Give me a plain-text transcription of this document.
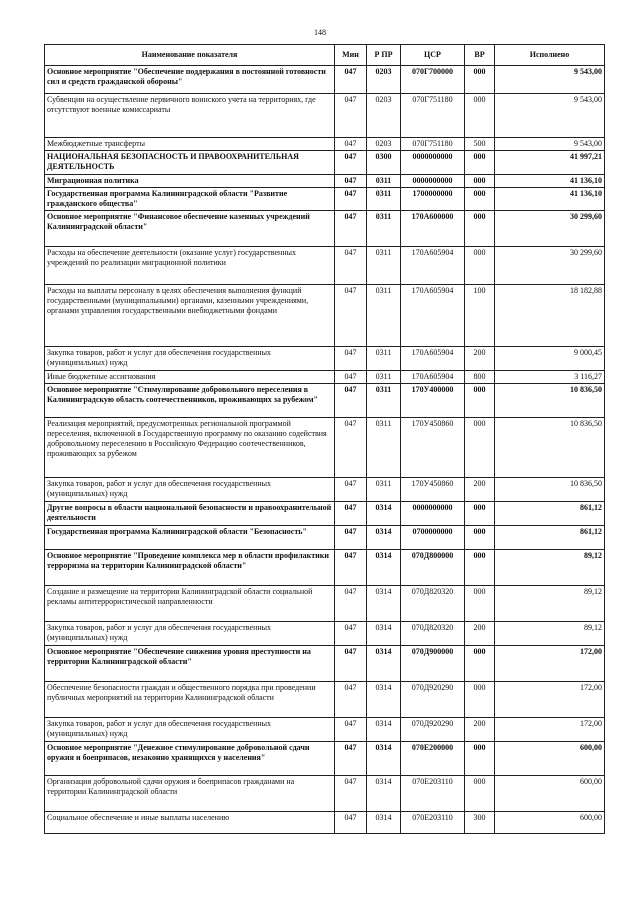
148
Наименование показателя	Мин	Р ПР	ЦСР	ВР	Исполнено
Основное мероприятие "Обеспечение поддержания в постоянной готовности сил и средств гражданской обороны"	047	0203	070Г700000	000	9 543,00
Субвенции на осуществление первичного воинского учета на территориях, где отсутствуют военные комиссариаты	047	0203	070Г751180	000	9 543,00
Межбюджетные трансферты	047	0203	070Г751180	500	9 543,00
НАЦИОНАЛЬНАЯ БЕЗОПАСНОСТЬ И ПРАВООХРАНИТЕЛЬНАЯ ДЕЯТЕЛЬНОСТЬ	047	0300	0000000000	000	41 997,21
Миграционная политика	047	0311	0000000000	000	41 136,10
Государственная программа Калининградской области "Развитие гражданского общества"	047	0311	1700000000	000	41 136,10
Основное мероприятие "Финансовое обеспечение казенных учреждений Калининградской области"	047	0311	170А600000	000	30 299,60
Расходы на обеспечение деятельности (оказание услуг) государственных учреждений по реализации миграционной политики	047	0311	170А605904	000	30 299,60
Расходы на выплаты персоналу в целях обеспечения выполнения функций государственными (муниципальными) органами, казенными учреждениями, органами управления государственными внебюджетными фондами	047	0311	170А605904	100	18 182,88
Закупка товаров, работ и услуг для обеспечения государственных (муниципальных) нужд	047	0311	170А605904	200	9 000,45
Иные бюджетные ассигнования	047	0311	170А605904	800	3 116,27
Основное мероприятие "Стимулирование добровольного переселения в Калининградскую область соотечественников, проживающих за рубежом"	047	0311	170У400000	000	10 836,50
Реализация мероприятий, предусмотренных региональной программой переселения, включенной в Государственную программу по оказанию содействия добровольному переселению в Российскую Федерацию соотечественников, проживающих за рубежом	047	0311	170У450860	000	10 836,50
Закупка товаров, работ и услуг для обеспечения государственных (муниципальных) нужд	047	0311	170У450860	200	10 836,50
Другие вопросы в области национальной безопасности и правоохранительной деятельности	047	0314	0000000000	000	861,12
Государственная программа Калининградской области "Безопасность"	047	0314	0700000000	000	861,12
Основное мероприятие "Проведение комплекса мер в области профилактики терроризма на территории Калининградской области"	047	0314	070Д800000	000	89,12
Создание и размещение на территории Калининградской области социальной рекламы антитеррористической направленности	047	0314	070Д820320	000	89,12
Закупка товаров, работ и услуг для обеспечения государственных (муниципальных) нужд	047	0314	070Д820320	200	89,12
Основное мероприятие "Обеспечение снижения уровня преступности на территории Калининградской области"	047	0314	070Д900000	000	172,00
Обеспечение безопасности граждан и общественного порядка при проведении публичных мероприятий на территории Калининградской области	047	0314	070Д920290	000	172,00
Закупка товаров, работ и услуг для обеспечения государственных (муниципальных) нужд	047	0314	070Д920290	200	172,00
Основное мероприятие "Денежное стимулирование добровольной сдачи оружия и боеприпасов, незаконно хранящихся у населения"	047	0314	070Е200000	000	600,00
Организация добровольной сдачи оружия и боеприпасов гражданами на территории Калининградской области	047	0314	070Е203110	000	600,00
Социальное обеспечение и иные выплаты населению	047	0314	070Е203110	300	600,00
